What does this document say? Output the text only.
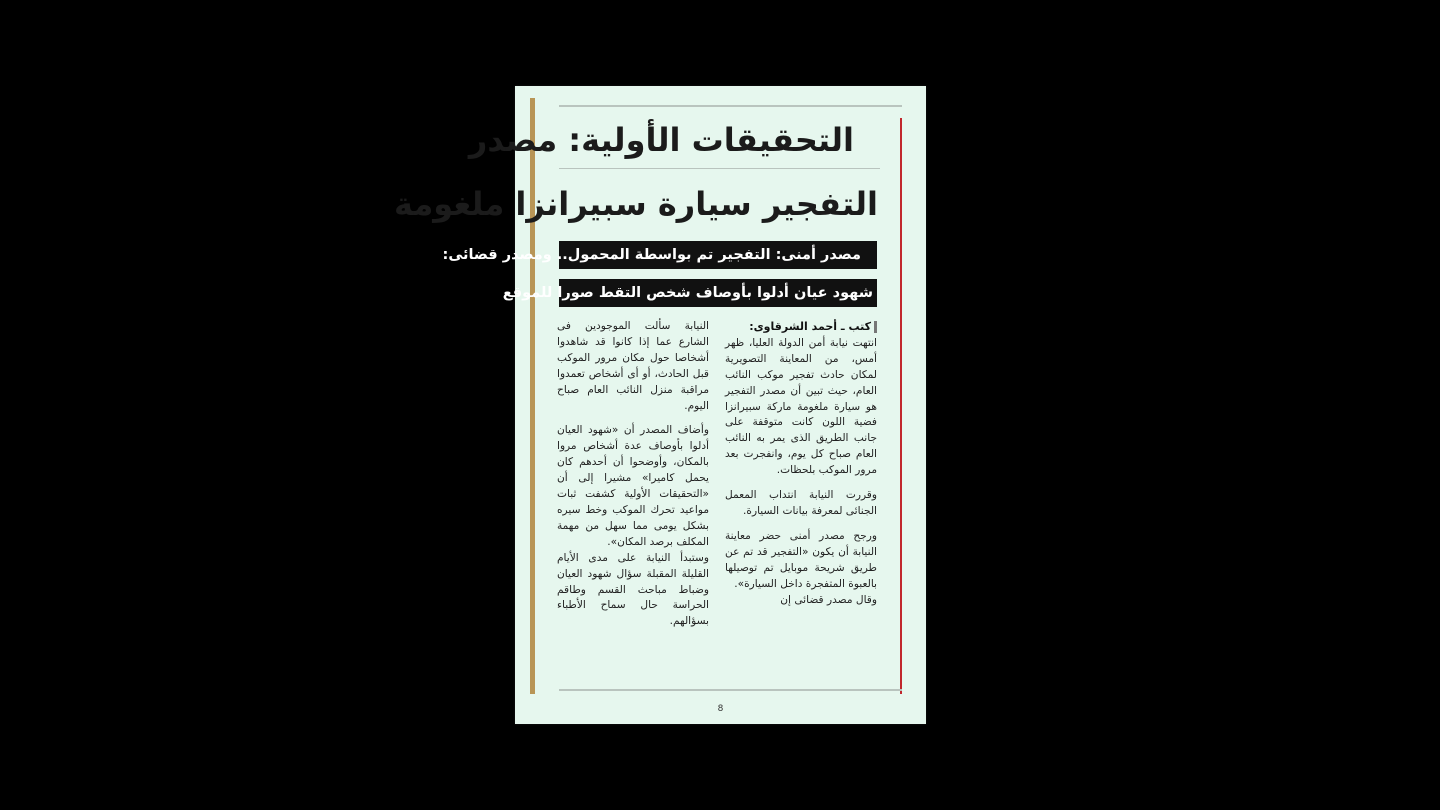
التحقيقات الأولية: مصدر
التفجير سيارة سبيرانزا ملغومة
مصدر أمنى: التفجير تم بواسطة المحمول.. ومصدر قضائى:
شهود عيان أدلوا بأوصاف شخص التقط صورا للموقع
كتب ـ أحمد الشرقاوى:

انتهت نيابة أمن الدولة العليا، ظهر أمس، من المعاينة التصويرية لمكان حادث تفجير موكب النائب العام، حيث تبين أن مصدر التفجير هو سيارة ملغومة ماركة سبيرانزا فضية اللون كانت متوقفة على جانب الطريق الذى يمر به النائب العام صباح كل يوم، وانفجرت بعد مرور الموكب بلحظات.

وقررت النيابة انتداب المعمل الجنائى لمعرفة بيانات السيارة.

ورجح مصدر أمنى حضر معاينة النيابة أن يكون «التفجير قد تم عن طريق شريحة موبايل تم توصيلها بالعبوة المتفجرة داخل السيارة».

وقال مصدر قضائى إن

النيابة سألت الموجودين فى الشارع عما إذا كانوا قد شاهدوا أشخاصا حول مكان مرور الموكب قبل الحادث، أو أى أشخاص تعمدوا مراقبة منزل النائب العام صباح اليوم.

وأضاف المصدر أن «شهود العيان أدلوا بأوصاف عدة أشخاص مروا بالمكان، وأوضحوا أن أحدهم كان يحمل كاميرا» مشيرا إلى أن «التحقيقات الأولية كشفت ثبات مواعيد تحرك الموكب وخط سيره بشكل يومى مما سهل من مهمة المكلف برصد المكان».

وستبدأ النيابة على مدى الأيام القليلة المقبلة سؤال شهود العيان وضباط مباحث القسم وطاقم الحراسة حال سماح الأطباء بسؤالهم.

8
